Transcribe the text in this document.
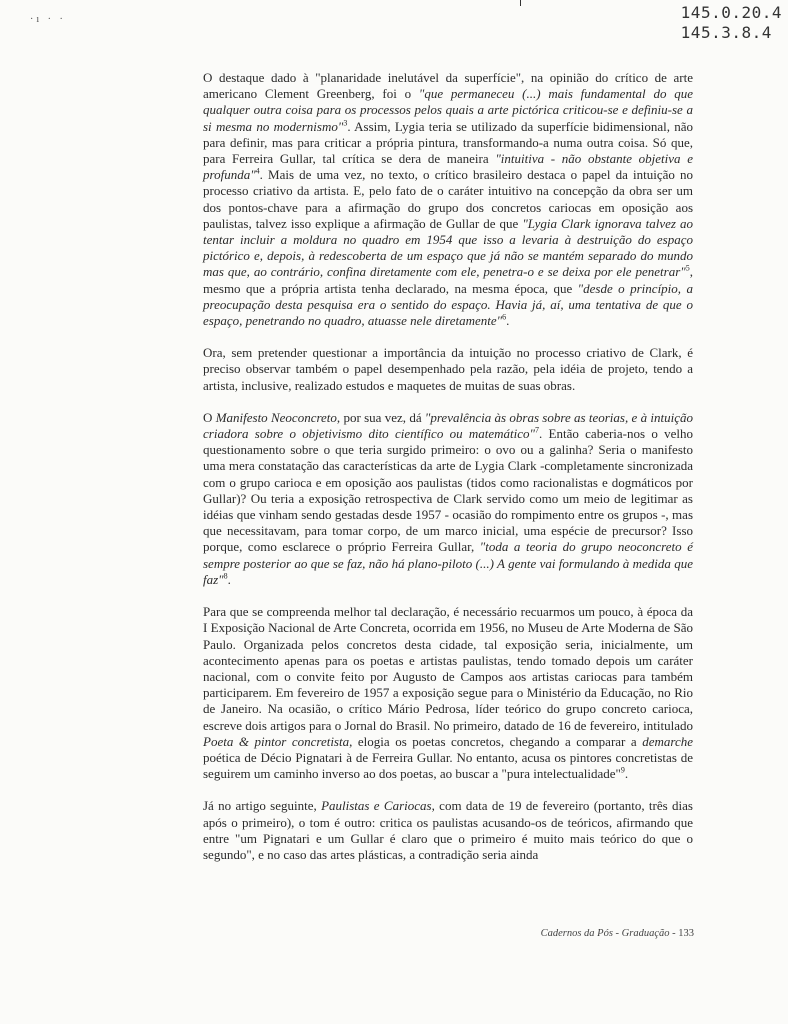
·ı · ·	145.0.20.4
145.3.8.4

O destaque dado à "planaridade inelutável da superfície", na opinião do crítico de arte americano Clement Greenberg, foi o "que permaneceu (...) mais fundamental do que qualquer outra coisa para os processos pelos quais a arte pictórica criticou-se e definiu-se a si mesma no modernismo"$^3$. Assim, Lygia teria se utilizado da superfície bidimensional, não para definir, mas para criticar a própria pintura, transformando-a numa outra coisa. Só que, para Ferreira Gullar, tal crítica se dera de maneira "intuitiva - não obstante objetiva e profunda"$^4$. Mais de uma vez, no texto, o crítico brasileiro destaca o papel da intuição no processo criativo da artista. E, pelo fato de o caráter intuitivo na concepção da obra ser um dos pontos-chave para a afirmação do grupo dos concretos cariocas em oposição aos paulistas, talvez isso explique a afirmação de Gullar de que "Lygia Clark ignorava talvez ao tentar incluir a moldura no quadro em 1954 que isso a levaria à destruição do espaço pictórico e, depois, à redescoberta de um espaço que já não se mantém separado do mundo mas que, ao contrário, confina diretamente com ele, penetra-o e se deixa por ele penetrar"$^5$, mesmo que a própria artista tenha declarado, na mesma época, que "desde o princípio, a preocupação desta pesquisa era o sentido do espaço. Havia já, aí, uma tentativa de que o espaço, penetrando no quadro, atuasse nele diretamente"$^6$.

Ora, sem pretender questionar a importância da intuição no processo criativo de Clark, é preciso observar também o papel desempenhado pela razão, pela idéia de projeto, tendo a artista, inclusive, realizado estudos e maquetes de muitas de suas obras.

O Manifesto Neoconcreto, por sua vez, dá "prevalência às obras sobre as teorias, e à intuição criadora sobre o objetivismo dito científico ou matemático"$^7$. Então caberia-nos o velho questionamento sobre o que teria surgido primeiro: o ovo ou a galinha? Seria o manifesto uma mera constatação das características da arte de Lygia Clark -completamente sincronizada com o grupo carioca e em oposição aos paulistas (tidos como racionalistas e dogmáticos por Gullar)? Ou teria a exposição retrospectiva de Clark servido como um meio de legitimar as idéias que vinham sendo gestadas desde 1957 - ocasião do rompimento entre os grupos -, mas que necessitavam, para tomar corpo, de um marco inicial, uma espécie de precursor? Isso porque, como esclarece o próprio Ferreira Gullar, "toda a teoria do grupo neoconcreto é sempre posterior ao que se faz, não há plano-piloto (...) A gente vai formulando à medida que faz"$^8$.

Para que se compreenda melhor tal declaração, é necessário recuarmos um pouco, à época da I Exposição Nacional de Arte Concreta, ocorrida em 1956, no Museu de Arte Moderna de São Paulo. Organizada pelos concretos desta cidade, tal exposição seria, inicialmente, um acontecimento apenas para os poetas e artistas paulistas, tendo tomado depois um caráter nacional, com o convite feito por Augusto de Campos aos artistas cariocas para também participarem. Em fevereiro de 1957 a exposição segue para o Ministério da Educação, no Rio de Janeiro. Na ocasião, o crítico Mário Pedrosa, líder teórico do grupo concreto carioca, escreve dois artigos para o Jornal do Brasil. No primeiro, datado de 16 de fevereiro, intitulado Poeta & pintor concretista, elogia os poetas concretos, chegando a comparar a demarche poética de Décio Pignatari à de Ferreira Gullar. No entanto, acusa os pintores concretistas de seguirem um caminho inverso ao dos poetas, ao buscar a "pura intelectualidade"$^9$.

Já no artigo seguinte, Paulistas e Cariocas, com data de 19 de fevereiro (portanto, três dias após o primeiro), o tom é outro: critica os paulistas acusando-os de teóricos, afirmando que entre "um Pignatari e um Gullar é claro que o primeiro é muito mais teórico do que o segundo", e no caso das artes plásticas, a contradição seria ainda

Cadernos da Pós - Graduação - 133
